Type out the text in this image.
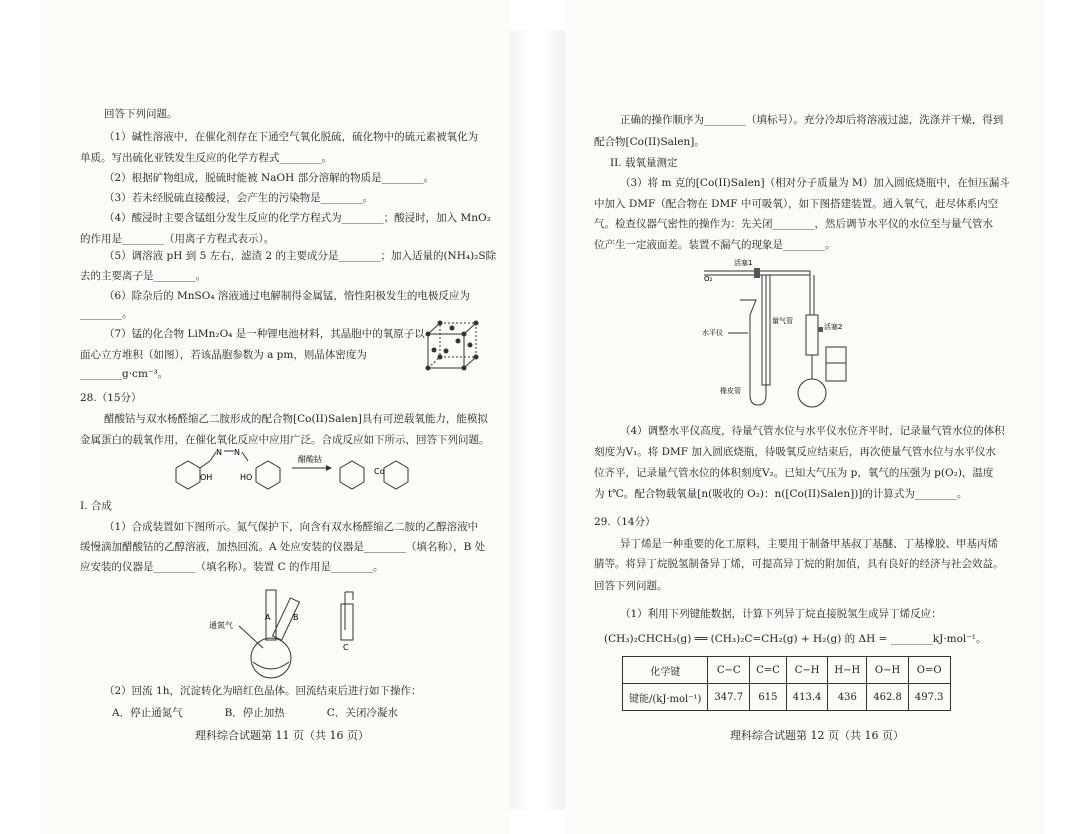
回答下列问题。
（1）碱性溶液中，在催化剂存在下通空气氧化脱硫，硫化物中的硫元素被氧化为
单质。写出硫化亚铁发生反应的化学方程式________。
（2）根据矿物组成，脱硫时能被 NaOH 部分溶解的物质是________。
（3）若未经脱硫直接酸浸，会产生的污染物是________。
（4）酸浸时主要含锰组分发生反应的化学方程式为________；酸浸时，加入 MnO₂
的作用是________（用离子方程式表示）。
（5）调溶液 pH 到 5 左右，滤渣 2 的主要成分是________；加入适量的(NH₄)₂S除
去的主要离子是________。
（6）除杂后的 MnSO₄ 溶液通过电解制得金属锰，惰性阳极发生的电极反应为
________。
（7）锰的化合物 LiMn₂O₄ 是一种锂电池材料，其晶胞中的氧原子以
面心立方堆积（如图），若该晶胞参数为 a pm，则晶体密度为
________g·cm⁻³。
28.（15分）
醋酸钴与双水杨醛缩乙二胺形成的配合物[Co(II)Salen]具有可逆载氧能力，能模拟
金属蛋白的载氧作用，在催化氧化反应中应用广泛。合成反应如下所示，回答下列问题。
I. 合成
（1）合成装置如下图所示。氮气保护下，向含有双水杨醛缩乙二胺的乙醇溶液中
缓慢滴加醋酸钴的乙醇溶液，加热回流。A 处应安装的仪器是________（填名称），B 处
应安装的仪器是________（填名称）。装置 C 的作用是________。
（2）回流 1h，沉淀转化为暗红色晶体。回流结束后进行如下操作：
A．停止通氮气　　　　B．停止加热　　　　C．关闭冷凝水
理科综合试题第 11 页（共 16 页）
N N
OH	HO
醋酸钴
Co
通氮气
A	B
C
正确的操作顺序为________（填标号）。充分冷却后将溶液过滤，洗涤并干燥，得到
配合物[Co(II)Salen]。
II. 载氧量测定
（3）将 m 克的[Co(II)Salen]（相对分子质量为 M）加入圆底烧瓶中，在恒压漏斗
中加入 DMF（配合物在 DMF 中可吸氧），如下图搭建装置。通入氧气，赶尽体系内空
气。检查仪器气密性的操作为：先关闭________，然后调节水平仪的水位至与量气管水
位产生一定液面差。装置不漏气的现象是________。
（4）调整水平仪高度，待量气管水位与水平仪水位齐平时，记录量气管水位的体积
刻度为V₁。将 DMF 加入圆底烧瓶，待吸氧反应结束后，再次使量气管水位与水平仪水
位齐平，记录量气管水位的体积刻度V₂。已知大气压为 p，氧气的压强为 p(O₂)，温度
为 t℃。配合物载氧量[n(吸收的 O₂)：n([Co(II)Salen])]的计算式为________。
29.（14分）
异丁烯是一种重要的化工原料，主要用于制备甲基叔丁基醚、丁基橡胶、甲基丙烯
腈等。将异丁烷脱氢制备异丁烯，可提高异丁烷的附加值，具有良好的经济与社会效益。
回答下列问题。
（1）利用下列键能数据，计算下列异丁烷直接脱氢生成异丁烯反应：
(CH₃)₂CHCH₃(g) ══ (CH₃)₂C=CH₂(g) + H₂(g) 的 ΔH = ________kJ·mol⁻¹。
理科综合试题第 12 页（共 16 页）
O₂
活塞1
水平仪
量气管
橡皮管
活塞2
化学键	C−C	C=C	C−H	H−H	O−H	O=O
键能/(kJ·mol⁻¹)	347.7	615	413.4	436	462.8	497.3
